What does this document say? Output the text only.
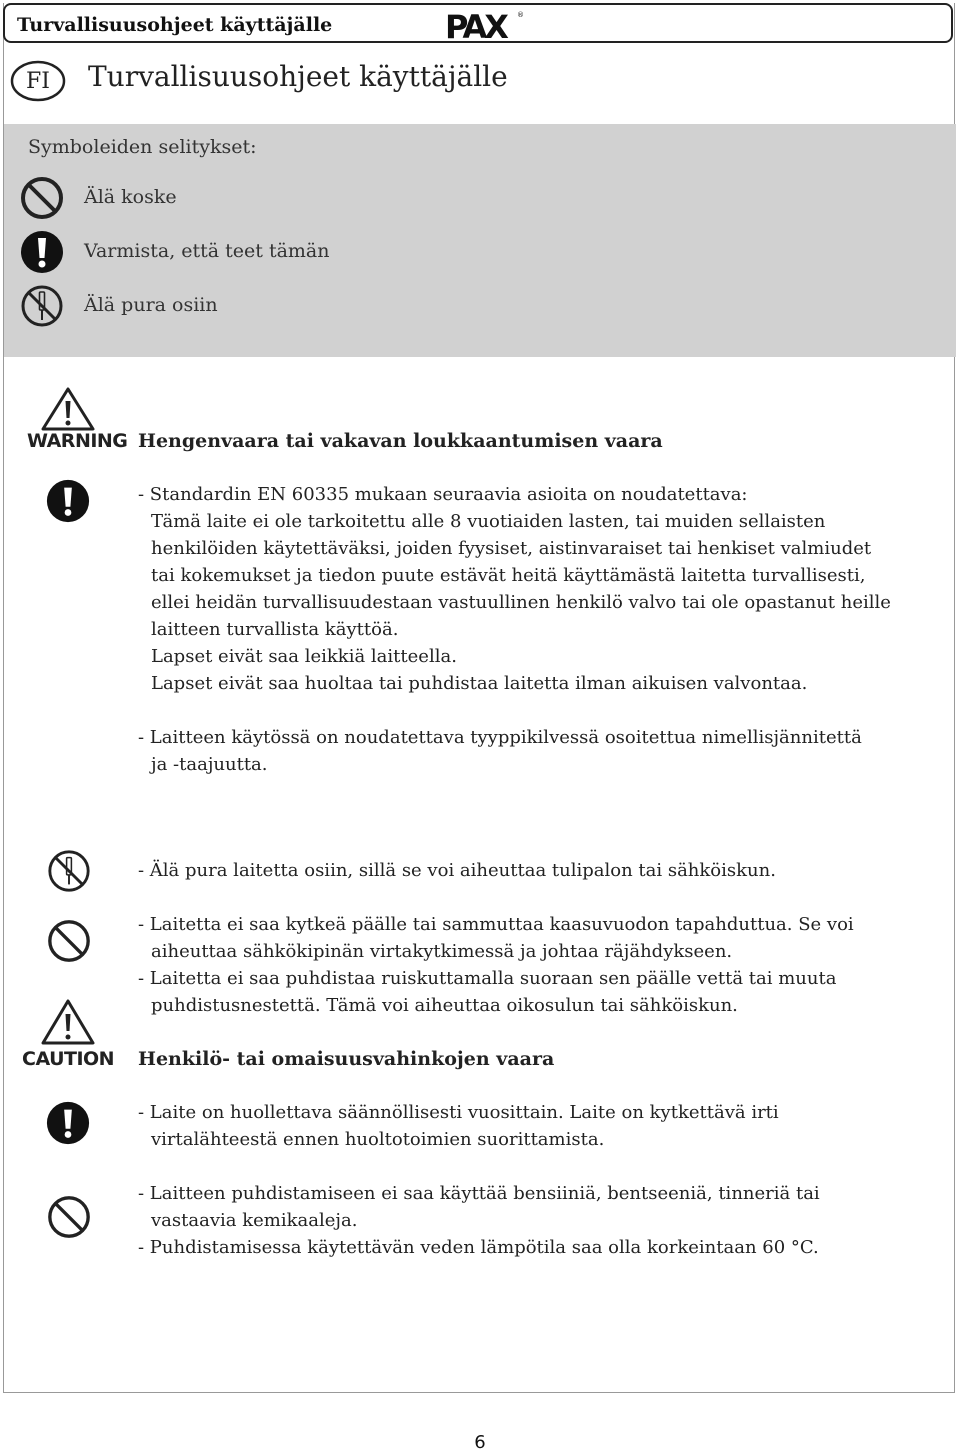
Turvallisuusohjeet käyttäjälle	PAX	®
FI	Turvallisuusohjeet käyttäjälle
Symboleiden selitykset:
Älä koske
Varmista, että teet tämän
Älä pura osiin
WARNING Hengenvaara tai vakavan loukkaantumisen vaara

- Standardin EN 60335 mukaan seuraavia asioita on noudatettava:

Tämä laite ei ole tarkoitettu alle 8 vuotiaiden lasten, tai muiden sellaisten

henkilöiden käytettäväksi, joiden fyysiset, aistinvaraiset tai henkiset valmiudet

tai kokemukset ja tiedon puute estävät heitä käyttämästä laitetta turvallisesti,

ellei heidän turvallisuudestaan vastuullinen henkilö valvo tai ole opastanut heille

laitteen turvallista käyttöä.

Lapset eivät saa leikkiä laitteella.

Lapset eivät saa huoltaa tai puhdistaa laitetta ilman aikuisen valvontaa.

- Laitteen käytössä on noudatettava tyyppikilvessä osoitettua nimellisjännitettä

ja -taajuutta.

- Älä pura laitetta osiin, sillä se voi aiheuttaa tulipalon tai sähköiskun.

- Laitetta ei saa kytkeä päälle tai sammuttaa kaasuvuodon tapahduttua. Se voi

aiheuttaa sähkökipinän virtakytkimessä ja johtaa räjähdykseen.

- Laitetta ei saa puhdistaa ruiskuttamalla suoraan sen päälle vettä tai muuta

puhdistusnestettä. Tämä voi aiheuttaa oikosulun tai sähköiskun.

CAUTION Henkilö- tai omaisuusvahinkojen vaara

- Laite on huollettava säännöllisesti vuosittain. Laite on kytkettävä irti

virtalähteestä ennen huoltotoimien suorittamista.

- Laitteen puhdistamiseen ei saa käyttää bensiiniä, bentseeniä, tinneriä tai

vastaavia kemikaaleja.

- Puhdistamisessa käytettävän veden lämpötila saa olla korkeintaan 60 °C.

6
